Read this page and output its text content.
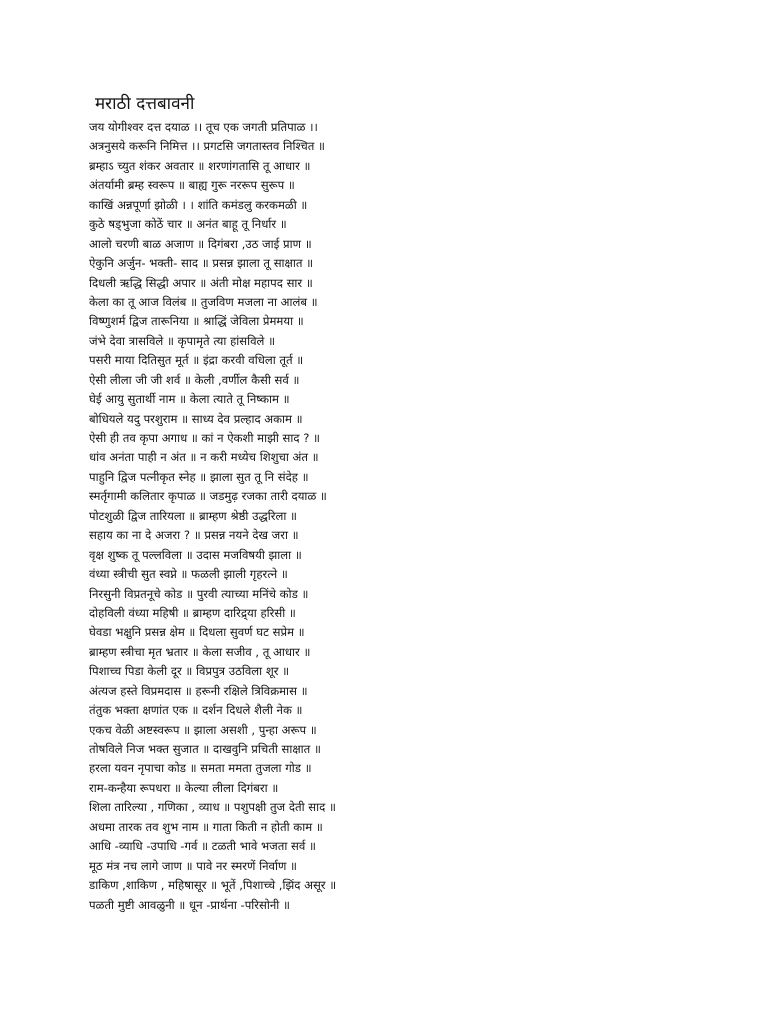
मराठी दत्तबावनी
जय योगीश्वर दत्त दयाळ ।। तूच एक जगती प्रतिपाळ ।।
अत्रनुसये करूनि निमित्त ।। प्रगटसि जगतास्तव निश्चित ॥
ब्रम्हाऽ च्युत शंकर अवतार ॥ शरणांगतासि तू आधार ॥
अंतर्यामी ब्रम्ह स्वरूप ॥ बाह्य गुरू नररूप सुरूप ॥
काखिं अन्नपूर्णा झोळी । । शांति कमंडलु करकमळी ॥
कुठे षड्भुजा कोठें चार ॥ अनंत बाहू तू निर्धार ॥
आलो चरणी बाळ अजाण ॥ दिगंबरा ,उठ जाई प्राण ॥
ऐकुनि अर्जुन- भक्ती- साद ॥ प्रसन्न झाला तू साक्षात ॥
दिधली ऋद्धि सिद्धी अपार ॥ अंती मोक्ष महापद सार ॥
केला का तू आज विलंब ॥ तुजविण मजला ना आलंब ॥
विष्णुशर्म द्विज तारूनिया ॥ श्राद्धिं जेविला प्रेममया ॥
जंभे देवा त्रासविले ॥ कृपामृते त्या हांसविले ॥
पसरी माया दितिसुत मूर्त ॥ इंद्रा करवी वधिला तूर्त ॥
ऐसी लीला जी जी शर्व ॥ केली ,वर्णील कैसी सर्व ॥
घेई आयु सुतार्थी नाम ॥ केला त्याते तू निष्काम ॥
बोधियले यदु परशुराम ॥ साध्य देव प्रल्हाद अकाम ॥
ऐसी ही तव कृपा अगाध ॥ कां न ऐकशी माझी साद ? ॥
धांव अनंता पाही न अंत ॥ न करी मध्येच शिशुचा अंत ॥
पाहुनि द्विज पत्नीकृत स्नेह ॥ झाला सुत तू नि संदेह ॥
स्मर्तृगामी कलितार कृपाळ ॥ जडमुढ़ रजका तारी दयाळ ॥
पोटशुळी द्विज तारियला ॥ ब्राम्हण श्रेष्ठी उद्धरिला ॥
सहाय का ना दे अजरा ? ॥ प्रसन्न नयने देख जरा ॥
वृक्ष शुष्क तू पल्लविला ॥ उदास मजविषयी झाला ॥
वंध्या स्त्रीची सुत स्वप्ने ॥ फळली झाली गृहरत्ने ॥
निरसुनी विप्रतनूचे कोड ॥ पुरवी त्याच्या मनिंचे कोड ॥
दोहविली वंध्या महिषी ॥ ब्राम्हण दारिद्र्या हरिसी ॥
घेवडा भक्षुनि प्रसन्न क्षेम ॥ दिधला सुवर्ण घट सप्रेम ॥
ब्राम्हण स्त्रीचा मृत भ्रतार ॥ केला सजीव , तू आधार ॥
पिशाच्च पिडा केली दूर ॥ विप्रपुत्र उठविला शूर ॥
अंत्यज हस्ते विप्रमदास ॥ हरूनी रक्षिले त्रिविक्रमास ॥
तंतुक भक्ता क्षणांत एक ॥ दर्शन दिधले शैली नेक ॥
एकच वेळी अष्टस्वरूप ॥ झाला असशी , पुन्हा अरूप ॥
तोषविले निज भक्त सुजात ॥ दाखवुनि प्रचिती साक्षात ॥
हरला यवन नृपाचा कोड ॥ समता ममता तुजला गोड ॥
राम-कन्हैया रूपधरा ॥ केल्या लीला दिगंबरा ॥
शिला तारिल्या , गणिका , व्याध ॥ पशुपक्षी तुज देती साद ॥
अधमा तारक तव शुभ नाम ॥ गाता किती न होती काम ॥
आधि -व्याधि -उपाधि -गर्व ॥ टळती भावे भजता सर्व ॥
मूठ मंत्र नच लागे जाण ॥ पावे नर स्मरणें निर्वाण ॥
डाकिण ,शाकिण , महिषासूर ॥ भूतें ,पिशाच्चे ,झिंद असूर ॥
पळती मुष्टी आवळुनी ॥ धून -प्रार्थना -परिसोनी ॥
